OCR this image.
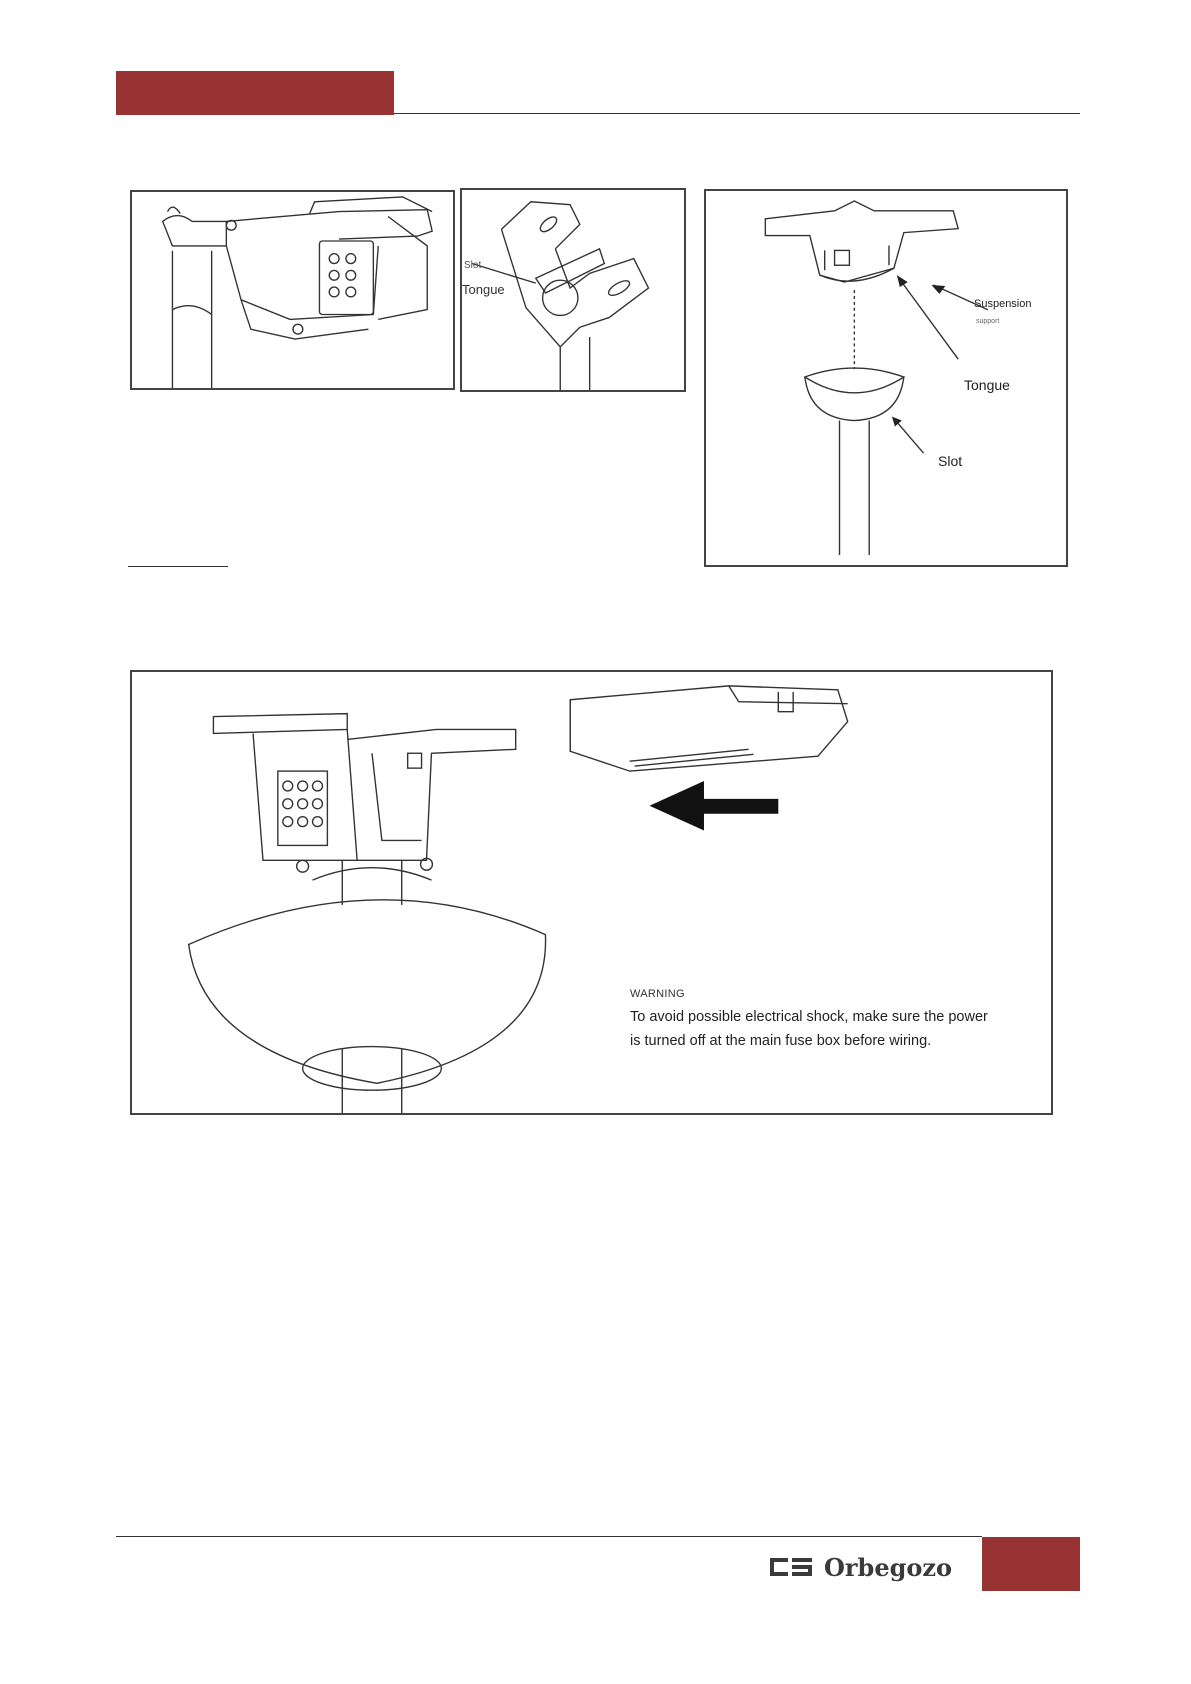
Slot
Tongue
Suspension
support
Tongue
Slot
WARNING
To avoid possible electrical shock, make sure the power
is turned off at the main fuse box before wiring.
Orbegozo
